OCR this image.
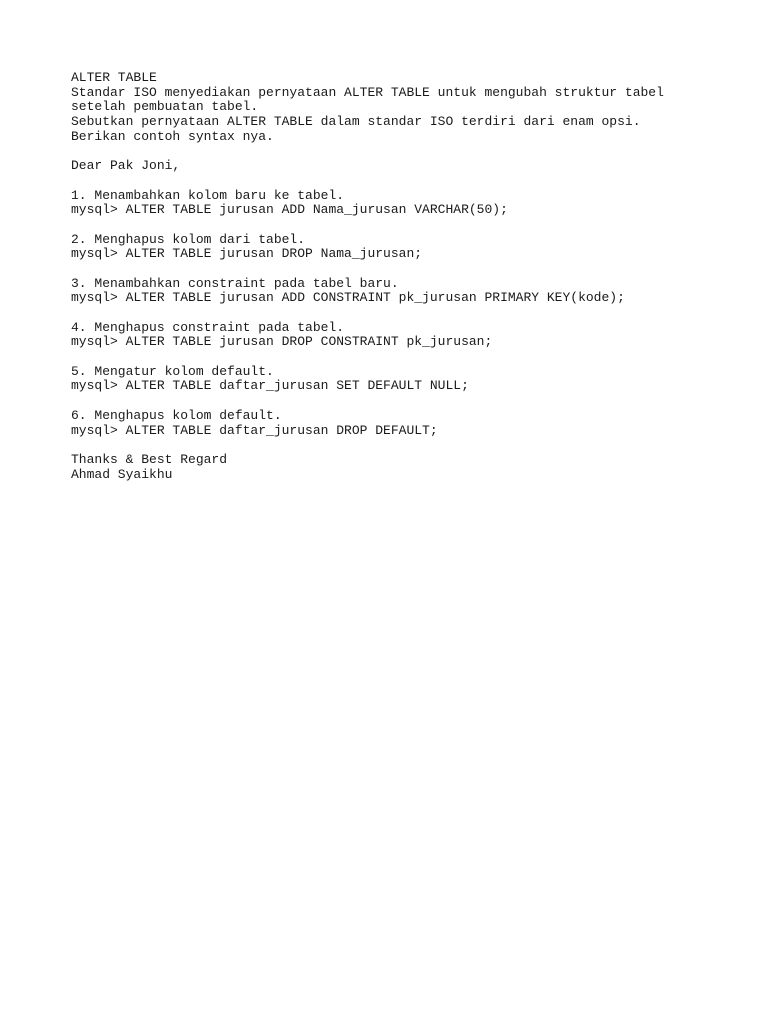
ALTER TABLE
Standar ISO menyediakan pernyataan ALTER TABLE untuk mengubah struktur tabel
setelah pembuatan tabel.
Sebutkan pernyataan ALTER TABLE dalam standar ISO terdiri dari enam opsi.
Berikan contoh syntax nya.
Dear Pak Joni,
1. Menambahkan kolom baru ke tabel.
mysql> ALTER TABLE jurusan ADD Nama_jurusan VARCHAR(50);
2. Menghapus kolom dari tabel.
mysql> ALTER TABLE jurusan DROP Nama_jurusan;
3. Menambahkan constraint pada tabel baru.
mysql> ALTER TABLE jurusan ADD CONSTRAINT pk_jurusan PRIMARY KEY(kode);
4. Menghapus constraint pada tabel.
mysql> ALTER TABLE jurusan DROP CONSTRAINT pk_jurusan;
5. Mengatur kolom default.
mysql> ALTER TABLE daftar_jurusan SET DEFAULT NULL;
6. Menghapus kolom default.
mysql> ALTER TABLE daftar_jurusan DROP DEFAULT;
Thanks & Best Regard
Ahmad Syaikhu
